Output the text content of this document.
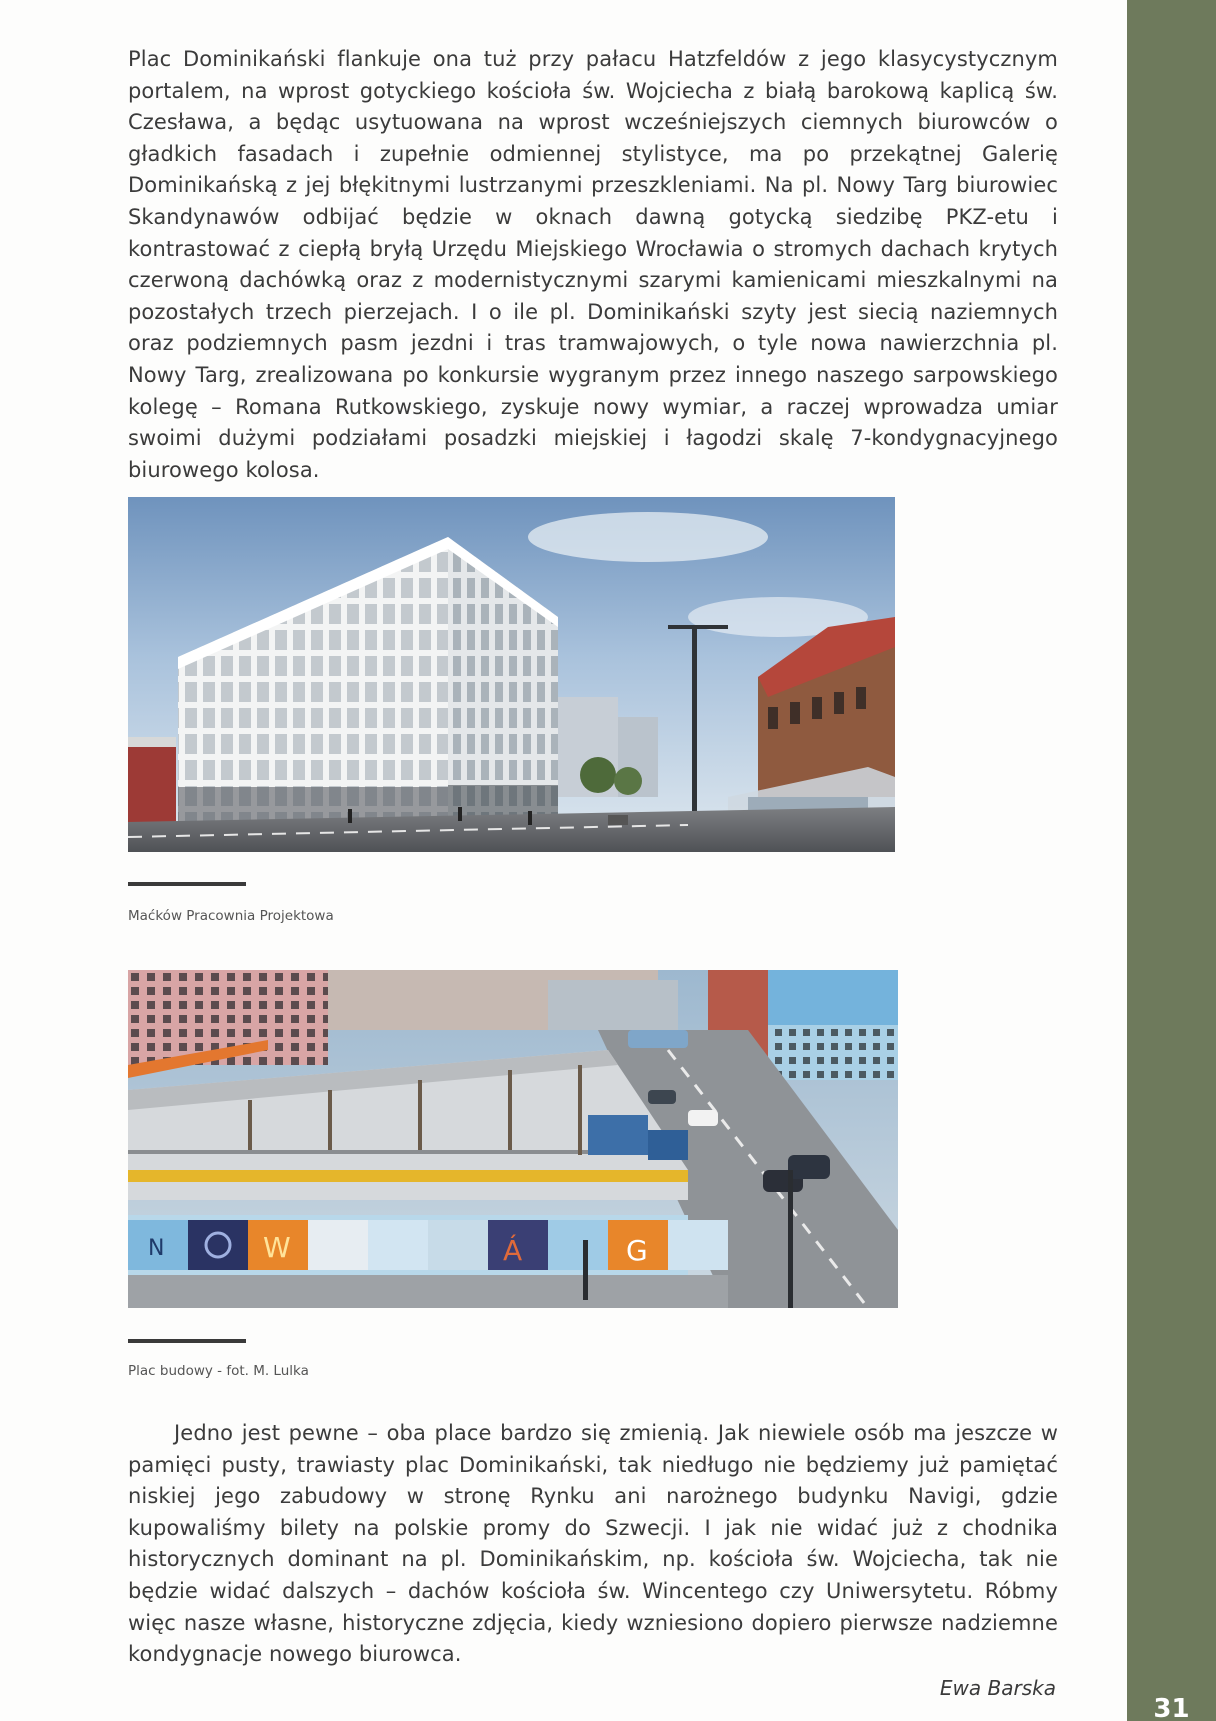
31

Plac Dominikański flankuje ona tuż przy pałacu Hatzfeldów z jego klasycystycznym portalem, na wprost gotyckiego kościoła św. Wojciecha z białą barokową kaplicą św. Czesława, a będąc usytuowana na wprost wcześniejszych ciemnych biurowców o gładkich fasadach i zupełnie odmiennej stylistyce, ma po przekątnej Galerię Dominikańską z jej błękitnymi lustrzanymi przeszkleniami. Na pl. Nowy Targ biurowiec Skandynawów odbijać będzie w oknach dawną gotycką siedzibę PKZ-etu i kontrastować z ciepłą bryłą Urzędu Miejskiego Wrocławia o stromych dachach krytych czerwoną dachówką oraz z modernistycznymi szarymi kamienicami mieszkalnymi na pozostałych trzech pierzejach. I o ile pl. Dominikański szyty jest siecią naziemnych oraz podziemnych pasm jezdni i tras tramwajowych, o tyle nowa nawierzchnia pl. Nowy Targ, zrealizowana po konkursie wygranym przez innego naszego sarpowskiego kolegę – Romana Rutkowskiego, zyskuje nowy wymiar, a raczej wprowadza umiar swoimi dużymi podziałami posadzki miejskiej i łagodzi skalę 7-kondygnacyjnego biurowego kolosa.

Maćków Pracownia Projektowa
N	W	Á	G
Plac budowy - fot. M. Lulka

Jedno jest pewne – oba place bardzo się zmienią. Jak niewiele osób ma jeszcze w pamięci pusty, trawiasty plac Dominikański, tak niedługo nie będziemy już pamiętać niskiej jego zabudowy w stronę Rynku ani narożnego budynku Navigi, gdzie kupowaliśmy bilety na polskie promy do Szwecji. I jak nie widać już z chodnika historycznych dominant na pl. Dominikańskim, np. kościoła św. Wojciecha, tak nie będzie widać dalszych – dachów kościoła św. Wincentego czy Uniwersytetu. Róbmy więc nasze własne, historyczne zdjęcia, kiedy wzniesiono dopiero pierwsze nadziemne kondygnacje nowego biurowca.

Ewa Barska
